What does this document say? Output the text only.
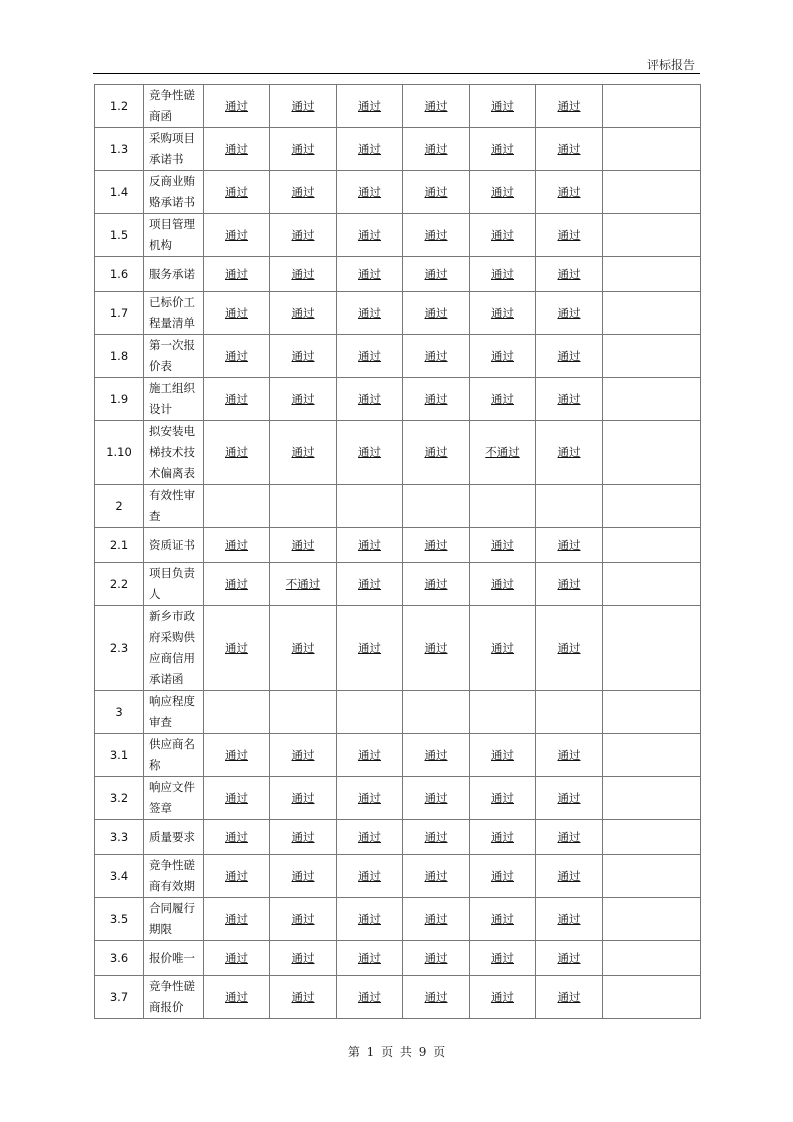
评标报告
1.2	竞争性磋商函	通过	通过	通过	通过	通过	通过	
1.3	采购项目承诺书	通过	通过	通过	通过	通过	通过	
1.4	反商业贿赂承诺书	通过	通过	通过	通过	通过	通过	
1.5	项目管理机构	通过	通过	通过	通过	通过	通过	
1.6	服务承诺	通过	通过	通过	通过	通过	通过	
1.7	已标价工程量清单	通过	通过	通过	通过	通过	通过	
1.8	第一次报价表	通过	通过	通过	通过	通过	通过	
1.9	施工组织设计	通过	通过	通过	通过	通过	通过	
1.10	拟安装电梯技术技术偏离表	通过	通过	通过	通过	不通过	通过	
2	有效性审查							
2.1	资质证书	通过	通过	通过	通过	通过	通过	
2.2	项目负责人	通过	不通过	通过	通过	通过	通过	
2.3	新乡市政府采购供应商信用承诺函	通过	通过	通过	通过	通过	通过	
3	响应程度审查							
3.1	供应商名称	通过	通过	通过	通过	通过	通过	
3.2	响应文件签章	通过	通过	通过	通过	通过	通过	
3.3	质量要求	通过	通过	通过	通过	通过	通过	
3.4	竞争性磋商有效期	通过	通过	通过	通过	通过	通过	
3.5	合同履行期限	通过	通过	通过	通过	通过	通过	
3.6	报价唯一	通过	通过	通过	通过	通过	通过	
3.7	竞争性磋商报价	通过	通过	通过	通过	通过	通过	
第 1 页 共 9 页
